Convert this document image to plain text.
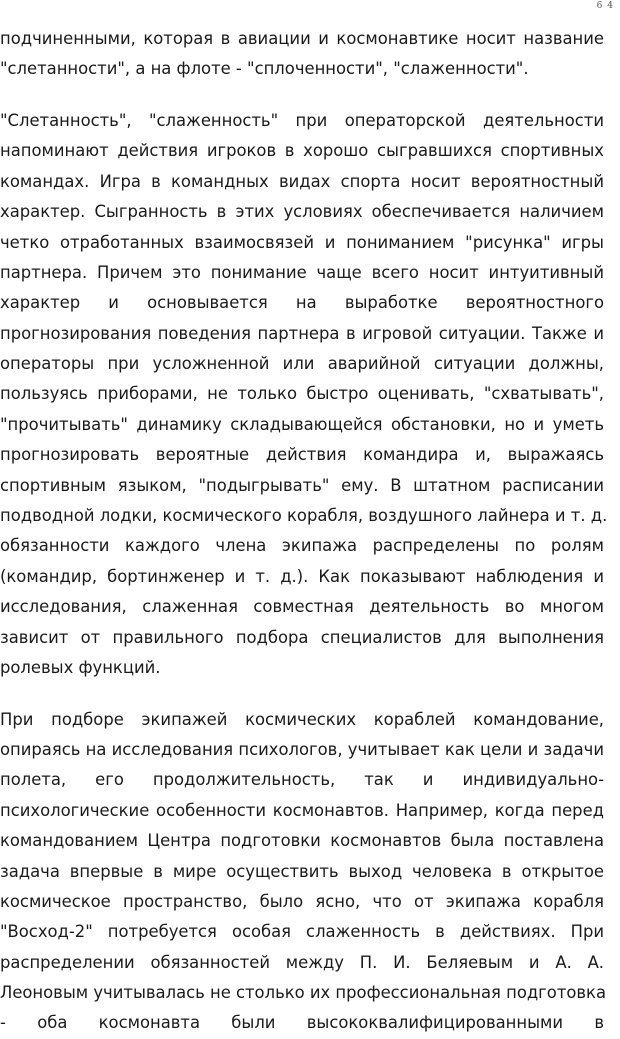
6 4
подчиненными, которая в авиации и космонавтике носит название
"слетанности", а на флоте - "сплоченности", "слаженности".
"Слетанность", "слаженность" при операторской деятельности
напоминают действия игроков в хорошо сыгравшихся спортивных
командах. Игра в командных видах спорта носит вероятностный
характер. Сыгранность в этих условиях обеспечивается наличием
четко отработанных взаимосвязей и пониманием "рисунка" игры
партнера. Причем это понимание чаще всего носит интуитивный
характер и основывается на выработке вероятностного
прогнозирования поведения партнера в игровой ситуации. Также и
операторы при усложненной или аварийной ситуации должны,
пользуясь приборами, не только быстро оценивать, "схватывать",
"прочитывать" динамику складывающейся обстановки, но и уметь
прогнозировать вероятные действия командира и, выражаясь
спортивным языком, "подыгрывать" ему. В штатном расписании
подводной лодки, космического корабля, воздушного лайнера и т. д.
обязанности каждого члена экипажа распределены по ролям
(командир, бортинженер и т. д.). Как показывают наблюдения и
исследования, слаженная совместная деятельность во многом
зависит от правильного подбора специалистов для выполнения
ролевых функций.
При подборе экипажей космических кораблей командование,
опираясь на исследования психологов, учитывает как цели и задачи
полета, его продолжительность, так и индивидуально-
психологические особенности космонавтов. Например, когда перед
командованием Центра подготовки космонавтов была поставлена
задача впервые в мире осуществить выход человека в открытое
космическое пространство, было ясно, что от экипажа корабля
"Восход-2" потребуется особая слаженность в действиях. При
распределении обязанностей между П. И. Беляевым и А. А.
Леоновым учитывалась не столько их профессиональная подготовка
- оба космонавта были высококвалифицированными в
